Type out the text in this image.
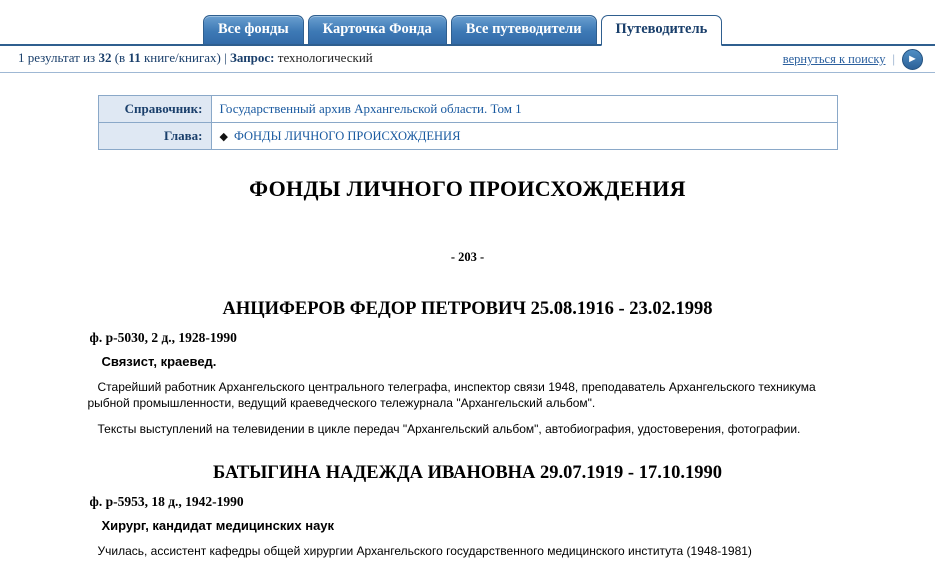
Все фонды	Карточка Фонда	Все путеводители	Путеводитель
1 результат из 32 (в 11 книге/книгах) | Запрос: технологический	вернуться к поиску |	►
Справочник:	Государственный архив Архангельской области. Том 1
Глава:	◆ ФОНДЫ ЛИЧНОГО ПРОИСХОЖДЕНИЯ
ФОНДЫ ЛИЧНОГО ПРОИСХОЖДЕНИЯ
- 203 -
АНЦИФЕРОВ ФЕДОР ПЕТРОВИЧ 25.08.1916 - 23.02.1998
ф. р-5030, 2 д., 1928-1990
Связист, краевед.
Старейший работник Архангельского центрального телеграфа, инспектор связи 1948, преподаватель Архангельского техникума рыбной промышленности, ведущий краеведческого тележурнала "Архангельский альбом".
Тексты выступлений на телевидении в цикле передач "Архангельский альбом", автобиография, удостоверения, фотографии.
БАТЫГИНА НАДЕЖДА ИВАНОВНА 29.07.1919 - 17.10.1990
ф. р-5953, 18 д., 1942-1990
Хирург, кандидат медицинских наук
Училась, ассистент кафедры общей хирургии Архангельского государственного медицинского института (1948-1981)
